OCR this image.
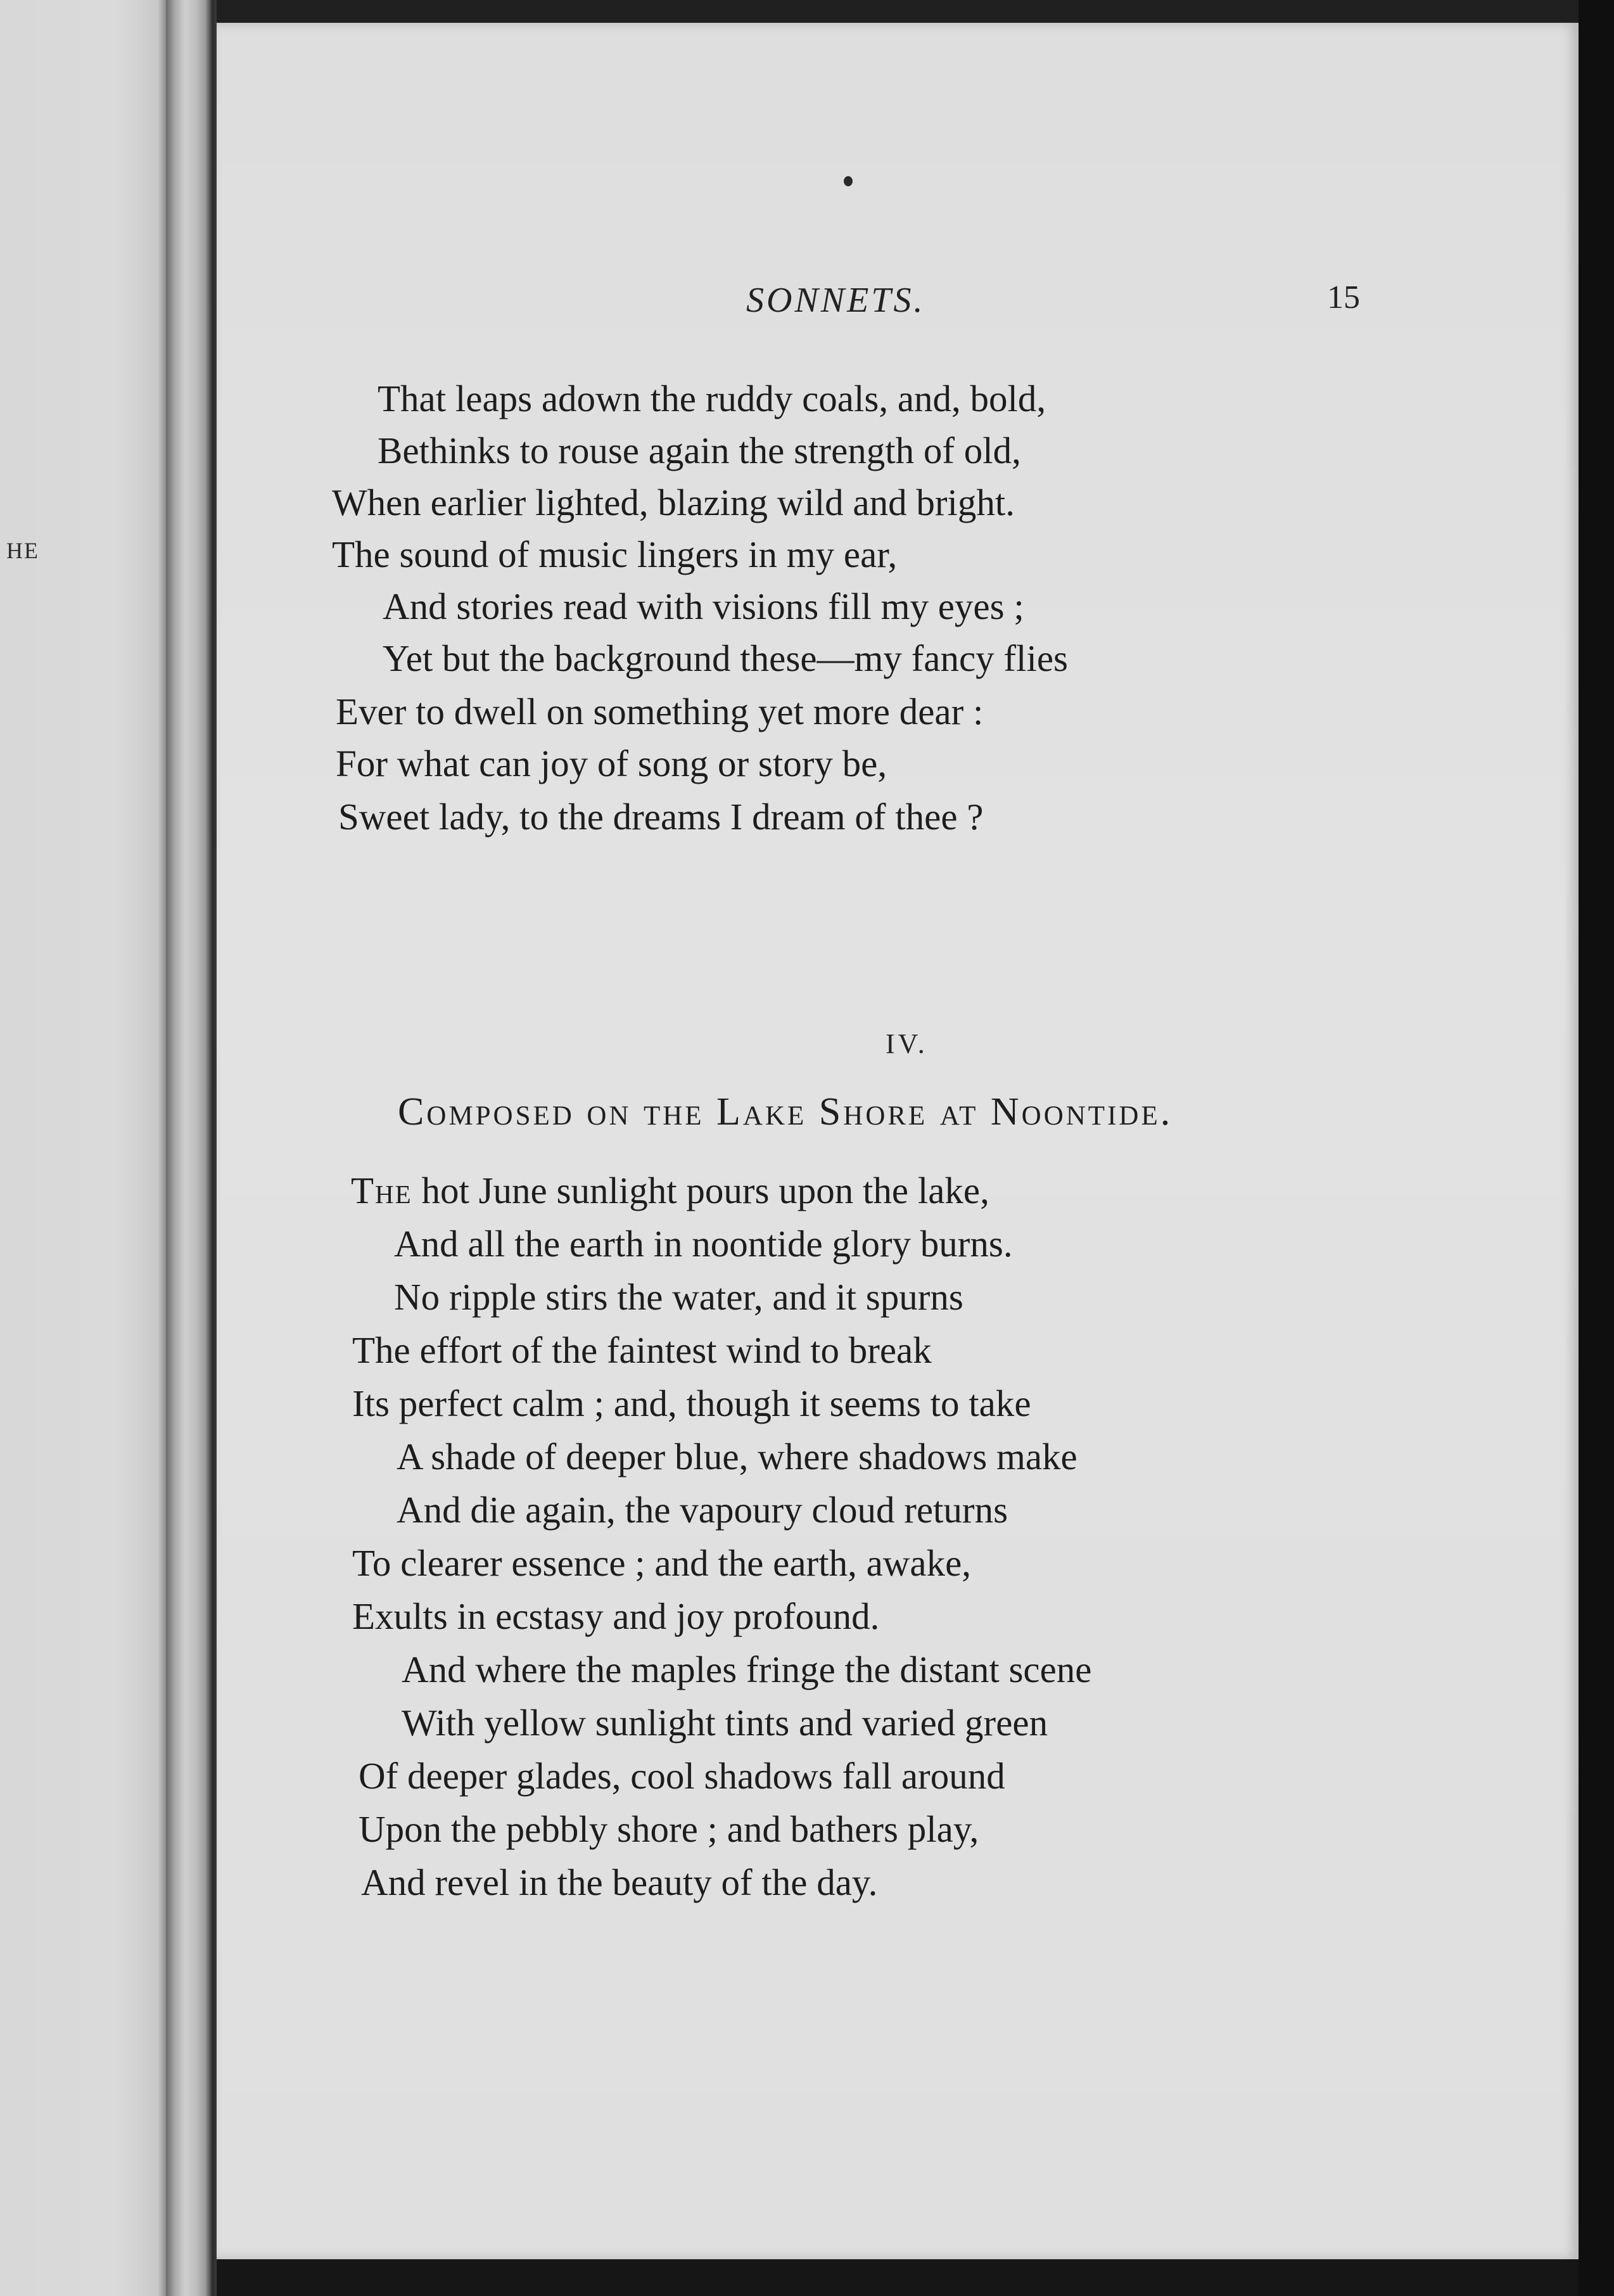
HE
SONNETS.	15
That leaps adown the ruddy coals, and, bold,
Bethinks to rouse again the strength of old,
When earlier lighted, blazing wild and bright.
The sound of music lingers in my ear,
And stories read with visions fill my eyes ;
Yet but the background these—my fancy flies
Ever to dwell on something yet more dear :
For what can joy of song or story be,
Sweet lady, to the dreams I dream of thee ?
IV.
Composed on the Lake Shore at Noontide.
The hot June sunlight pours upon the lake,
And all the earth in noontide glory burns.
No ripple stirs the water, and it spurns
The effort of the faintest wind to break
Its perfect calm ; and, though it seems to take
A shade of deeper blue, where shadows make
And die again, the vapoury cloud returns
To clearer essence ; and the earth, awake,
Exults in ecstasy and joy profound.
And where the maples fringe the distant scene
With yellow sunlight tints and varied green
Of deeper glades, cool shadows fall around
Upon the pebbly shore ; and bathers play,
And revel in the beauty of the day.
